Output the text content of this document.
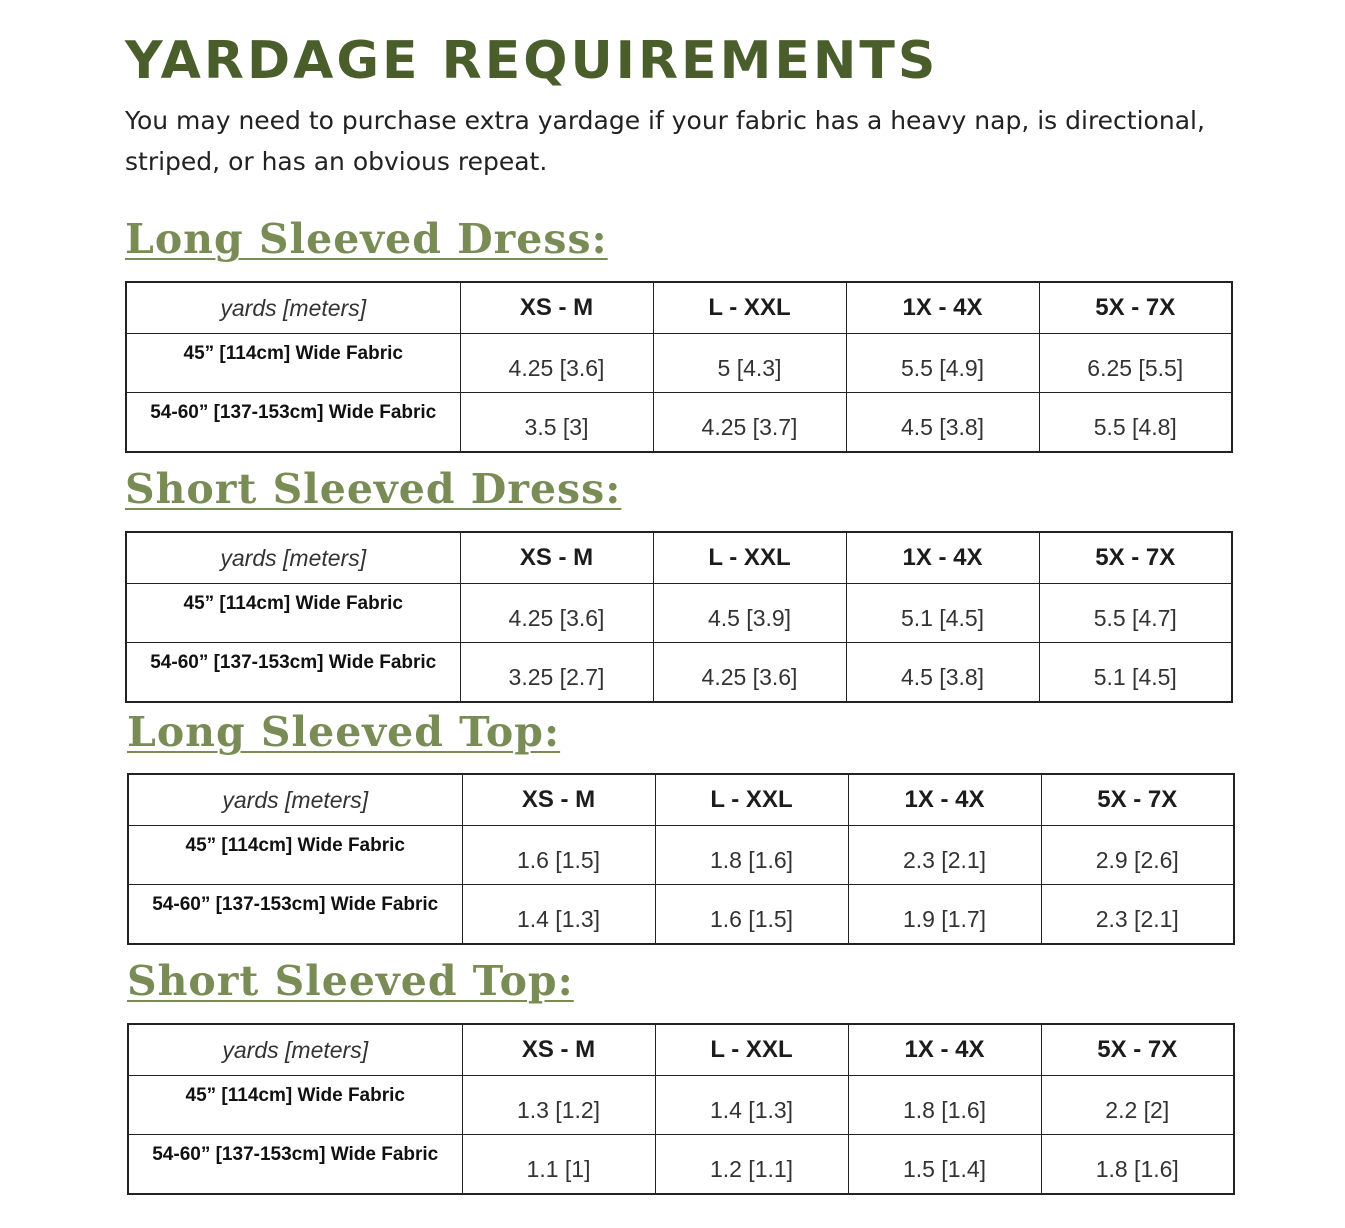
YARDAGE REQUIREMENTS

You may need to purchase extra yardage if your fabric has a heavy nap, is directional, striped, or has an obvious repeat.

Long Sleeved Dress:
yards [meters]	XS - M	L - XXL	1X - 4X	5X - 7X
45” [114cm] Wide Fabric	4.25 [3.6]	5 [4.3]	5.5 [4.9]	6.25 [5.5]
54-60” [137-153cm] Wide Fabric	3.5 [3]	4.25 [3.7]	4.5 [3.8]	5.5 [4.8]
Short Sleeved Dress:
yards [meters]	XS - M	L - XXL	1X - 4X	5X - 7X
45” [114cm] Wide Fabric	4.25 [3.6]	4.5 [3.9]	5.1 [4.5]	5.5 [4.7]
54-60” [137-153cm] Wide Fabric	3.25 [2.7]	4.25 [3.6]	4.5 [3.8]	5.1 [4.5]
Long Sleeved Top:
yards [meters]	XS - M	L - XXL	1X - 4X	5X - 7X
45” [114cm] Wide Fabric	1.6 [1.5]	1.8 [1.6]	2.3 [2.1]	2.9 [2.6]
54-60” [137-153cm] Wide Fabric	1.4 [1.3]	1.6 [1.5]	1.9 [1.7]	2.3 [2.1]
Short Sleeved Top:
yards [meters]	XS - M	L - XXL	1X - 4X	5X - 7X
45” [114cm] Wide Fabric	1.3 [1.2]	1.4 [1.3]	1.8 [1.6]	2.2 [2]
54-60” [137-153cm] Wide Fabric	1.1 [1]	1.2 [1.1]	1.5 [1.4]	1.8 [1.6]
